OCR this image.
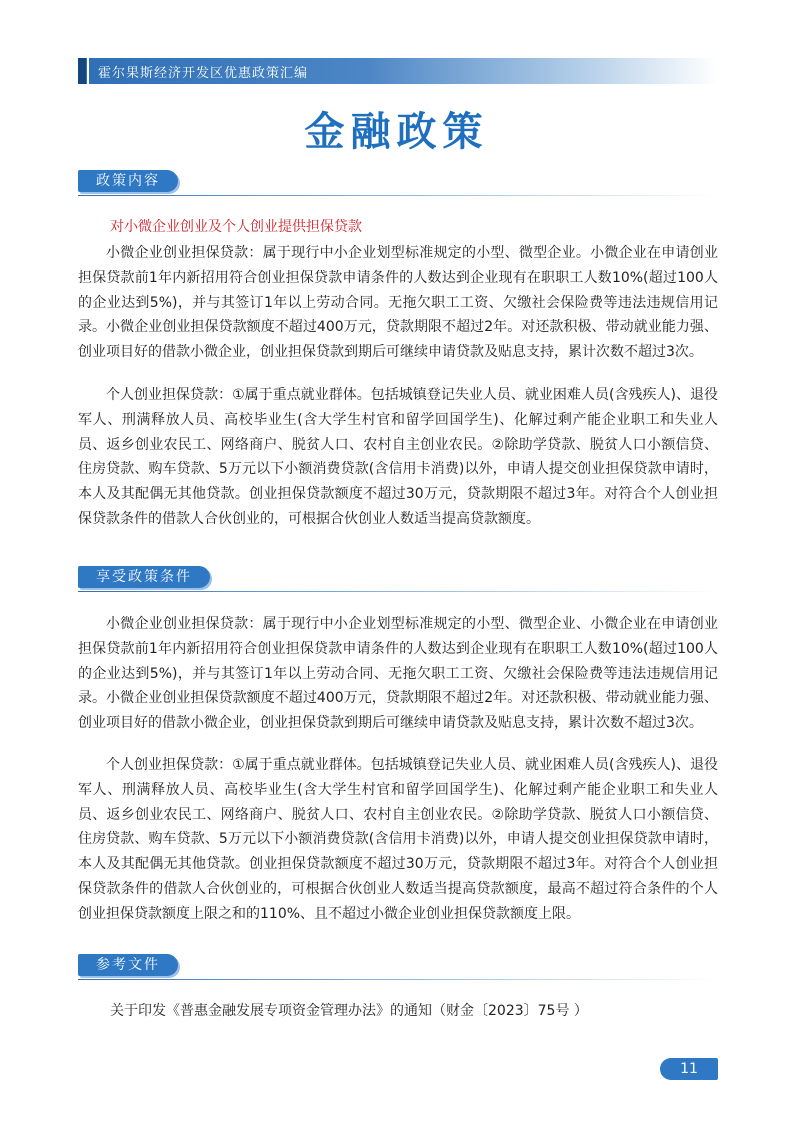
霍尔果斯经济开发区优惠政策汇编
金融政策
政策内容
对小微企业创业及个人创业提供担保贷款

小微企业创业担保贷款：属于现行中小企业划型标准规定的小型、微型企业。小微企业在申请创业担保贷款前1年内新招用符合创业担保贷款申请条件的人数达到企业现有在职职工人数10%(超过100人的企业达到5%)，并与其签订1年以上劳动合同。无拖欠职工工资、欠缴社会保险费等违法违规信用记录。小微企业创业担保贷款额度不超过400万元，贷款期限不超过2年。对还款积极、带动就业能力强、创业项目好的借款小微企业，创业担保贷款到期后可继续申请贷款及贴息支持，累计次数不超过3次。

个人创业担保贷款：①属于重点就业群体。包括城镇登记失业人员、就业困难人员(含残疾人)、退役军人、刑满释放人员、高校毕业生(含大学生村官和留学回国学生)、化解过剩产能企业职工和失业人员、返乡创业农民工、网络商户、脱贫人口、农村自主创业农民。②除助学贷款、脱贫人口小额信贷、住房贷款、购车贷款、5万元以下小额消费贷款(含信用卡消费)以外，申请人提交创业担保贷款申请时，本人及其配偶无其他贷款。创业担保贷款额度不超过30万元，贷款期限不超过3年。对符合个人创业担保贷款条件的借款人合伙创业的，可根据合伙创业人数适当提高贷款额度。

享受政策条件

小微企业创业担保贷款：属于现行中小企业划型标准规定的小型、微型企业、小微企业在申请创业担保贷款前1年内新招用符合创业担保贷款申请条件的人数达到企业现有在职职工人数10%(超过100人的企业达到5%)，并与其签订1年以上劳动合同、无拖欠职工工资、欠缴社会保险费等违法违规信用记录。小微企业创业担保贷款额度不超过400万元，贷款期限不超过2年。对还款积极、带动就业能力强、创业项目好的借款小微企业，创业担保贷款到期后可继续申请贷款及贴息支持，累计次数不超过3次。

个人创业担保贷款：①属于重点就业群体。包括城镇登记失业人员、就业困难人员(含残疾人)、退役军人、刑满释放人员、高校毕业生(含大学生村官和留学回国学生)、化解过剩产能企业职工和失业人员、返乡创业农民工、网络商户、脱贫人口、农村自主创业农民。②除助学贷款、脱贫人口小额信贷、住房贷款、购车贷款、5万元以下小额消费贷款(含信用卡消费)以外，申请人提交创业担保贷款申请时，本人及其配偶无其他贷款。创业担保贷款额度不超过30万元，贷款期限不超过3年。对符合个人创业担保贷款条件的借款人合伙创业的，可根据合伙创业人数适当提高贷款额度，最高不超过符合条件的个人创业担保贷款额度上限之和的110%、且不超过小微企业创业担保贷款额度上限。

参考文件
关于印发《普惠金融发展专项资金管理办法》的通知（财金〔2023〕75号 ）
11
